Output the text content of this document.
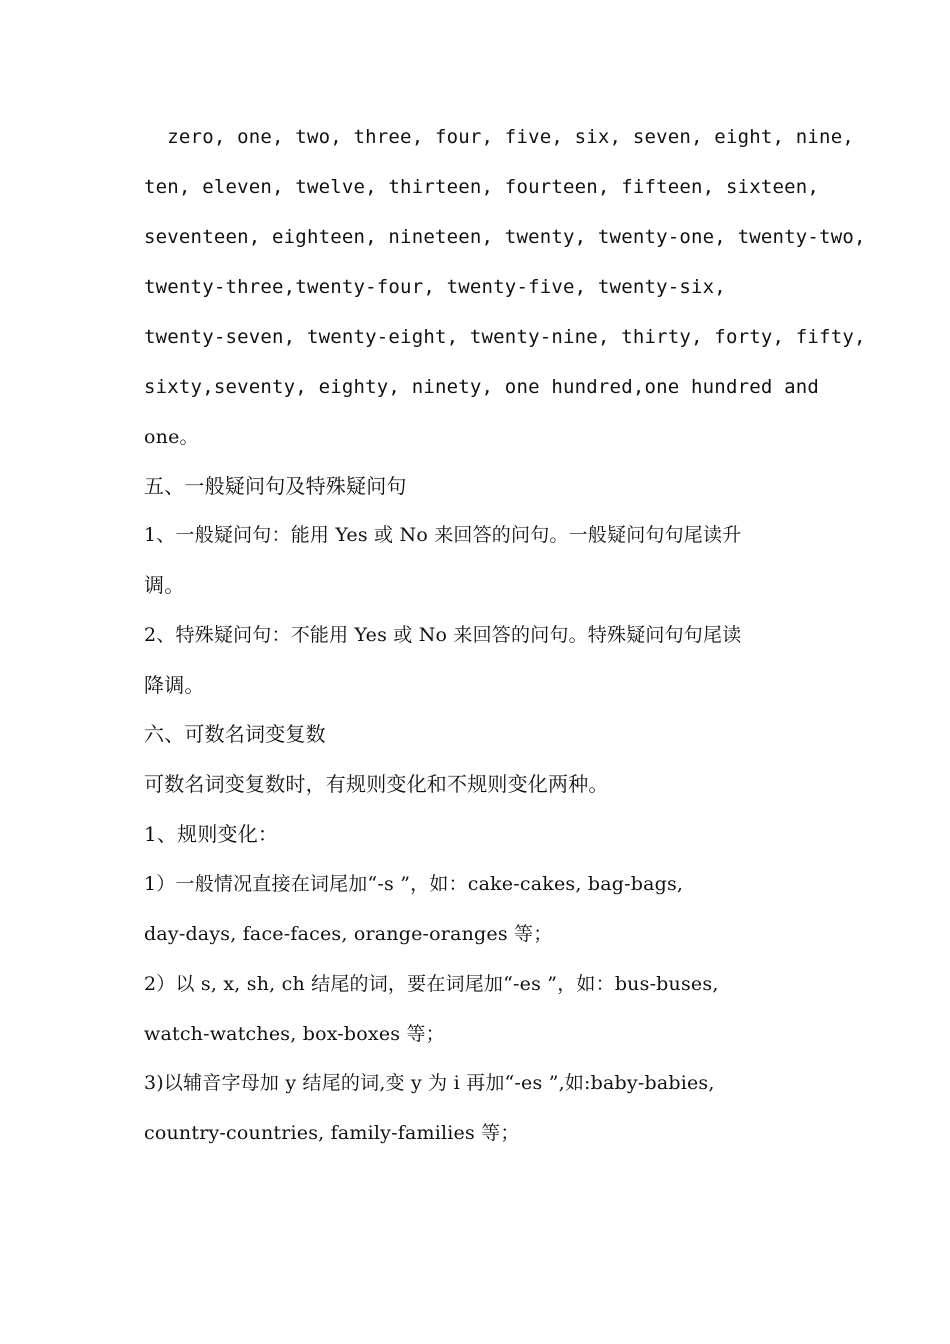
zero, one, two, three, four, five, six, seven, eight, nine,
ten, eleven, twelve, thirteen, fourteen, fifteen, sixteen,
seventeen, eighteen, nineteen, twenty, twenty-one, twenty-two,
twenty-three,twenty-four, twenty-five, twenty-six,
twenty-seven, twenty-eight, twenty-nine, thirty, forty, fifty,
sixty,seventy, eighty, ninety, one hundred,one hundred and
one。
五、一般疑问句及特殊疑问句
1、一般疑问句：能用 Yes 或 No 来回答的问句。一般疑问句句尾读升
调。
2、特殊疑问句：不能用 Yes 或 No 来回答的问句。特殊疑问句句尾读
降调。
六、可数名词变复数
可数名词变复数时，有规则变化和不规则变化两种。
1、规则变化：
1）一般情况直接在词尾加“-s ”，如：cake-cakes, bag-bags,
day-days, face-faces, orange-oranges 等；
2）以 s, x, sh, ch 结尾的词，要在词尾加“-es ”，如：bus-buses,
watch-watches, box-boxes 等；
3)以辅音字母加 y 结尾的词,变 y 为 i 再加“-es ”,如:baby-babies,
country-countries, family-families 等；
